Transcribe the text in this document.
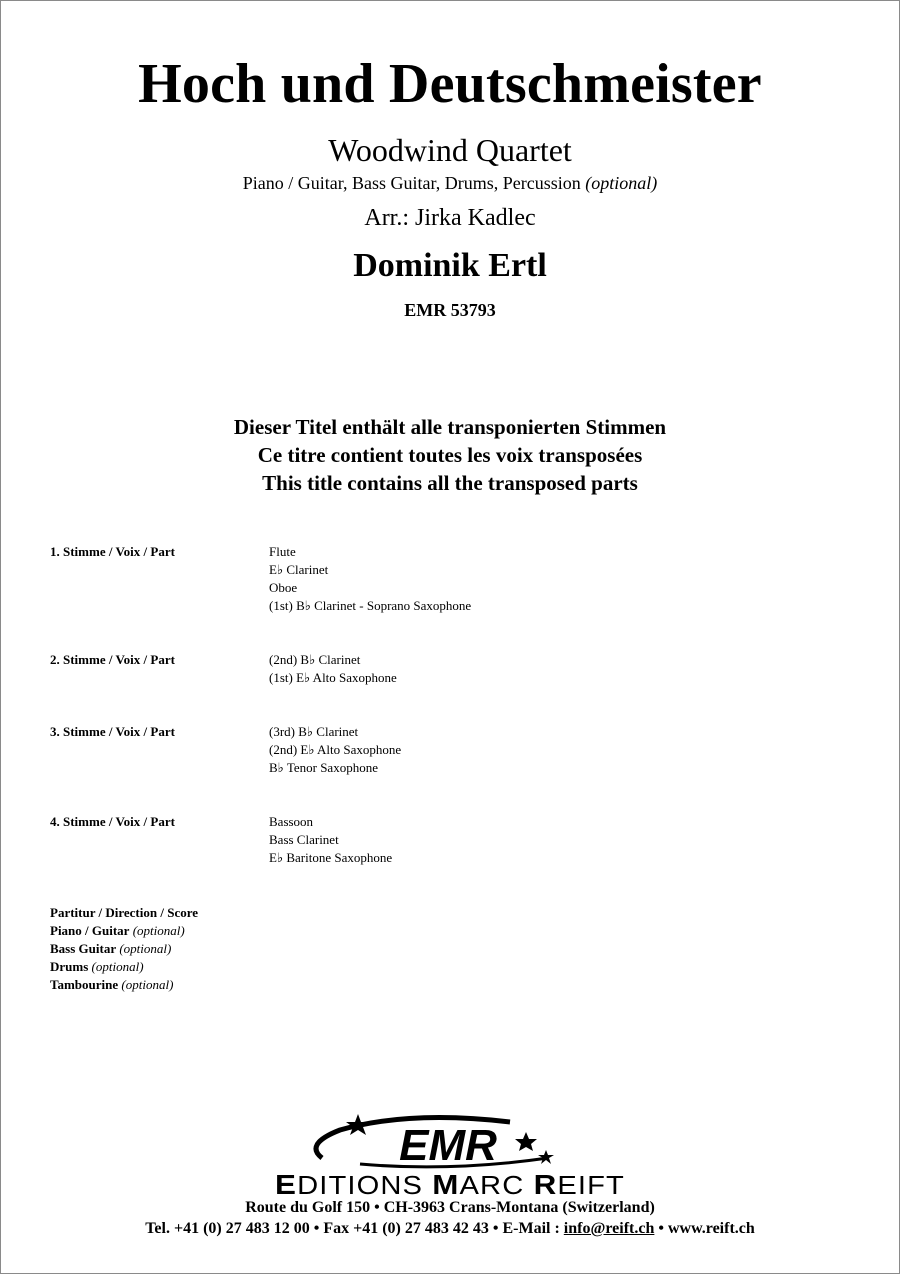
Hoch und Deutschmeister
Woodwind Quartet
Piano / Guitar, Bass Guitar, Drums, Percussion (optional)
Arr.: Jirka Kadlec
Dominik Ertl
EMR 53793
Dieser Titel enthält alle transponierten Stimmen
Ce titre contient toutes les voix transposées
This title contains all the transposed parts
1. Stimme / Voix / Part	Flute
E♭ Clarinet
Oboe
(1st) B♭ Clarinet - Soprano Saxophone
2. Stimme / Voix / Part	(2nd) B♭ Clarinet
(1st) E♭ Alto Saxophone
3. Stimme / Voix / Part	(3rd) B♭ Clarinet
(2nd) E♭ Alto Saxophone
B♭ Tenor Saxophone
4. Stimme / Voix / Part	Bassoon
Bass Clarinet
E♭ Baritone Saxophone
Partitur / Direction / Score
Piano / Guitar (optional)
Bass Guitar (optional)
Drums (optional)
Tambourine (optional)
EMR
EDITIONS MARC REIFT
Route du Golf 150 • CH-3963 Crans-Montana (Switzerland)
Tel. +41 (0) 27 483 12 00 • Fax +41 (0) 27 483 42 43 • E-Mail : info@reift.ch • www.reift.ch
